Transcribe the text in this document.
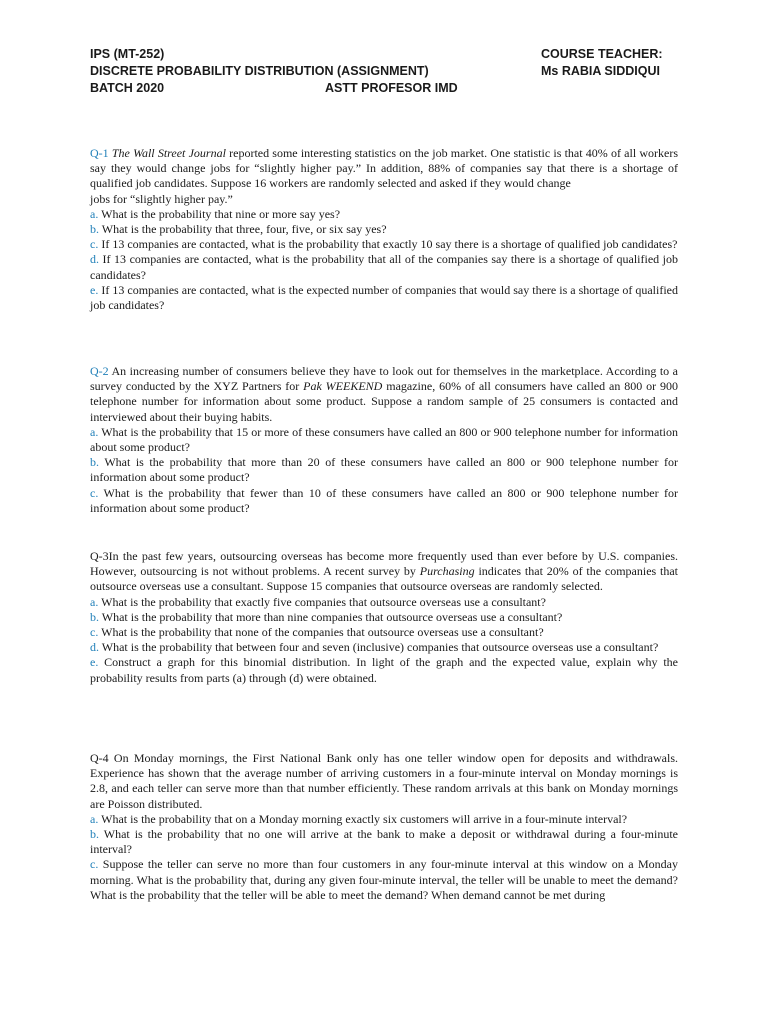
IPS (MT-252)
DISCRETE PROBABILITY DISTRIBUTION (ASSIGNMENT)
BATCH 2020
COURSE TEACHER:
Ms RABIA SIDDIQUI
ASTT PROFESOR IMD

Q-1 The Wall Street Journal reported some interesting statistics on the job market. One statistic is that 40% of all workers say they would change jobs for “slightly higher pay.” In addition, 88% of companies say that there is a shortage of qualified job candidates. Suppose 16 workers are randomly selected and asked if they would change

jobs for “slightly higher pay.”

a. What is the probability that nine or more say yes?

b. What is the probability that three, four, five, or six say yes?

c. If 13 companies are contacted, what is the probability that exactly 10 say there is a shortage of qualified job candidates?

d. If 13 companies are contacted, what is the probability that all of the companies say there is a shortage of qualified job candidates?

e. If 13 companies are contacted, what is the expected number of companies that would say there is a shortage of qualified job candidates?

Q-2 An increasing number of consumers believe they have to look out for themselves in the marketplace. According to a survey conducted by the XYZ Partners for Pak WEEKEND magazine, 60% of all consumers have called an 800 or 900 telephone number for information about some product. Suppose a random sample of 25 consumers is contacted and interviewed about their buying habits.

a. What is the probability that 15 or more of these consumers have called an 800 or 900 telephone number for information about some product?

b. What is the probability that more than 20 of these consumers have called an 800 or 900 telephone number for information about some product?

c. What is the probability that fewer than 10 of these consumers have called an 800 or 900 telephone number for information about some product?

Q-3In the past few years, outsourcing overseas has become more frequently used than ever before by U.S. companies. However, outsourcing is not without problems. A recent survey by Purchasing indicates that 20% of the companies that outsource overseas use a consultant. Suppose 15 companies that outsource overseas are randomly selected.

a. What is the probability that exactly five companies that outsource overseas use a consultant?

b. What is the probability that more than nine companies that outsource overseas use a consultant?

c. What is the probability that none of the companies that outsource overseas use a consultant?

d. What is the probability that between four and seven (inclusive) companies that outsource overseas use a consultant?

e. Construct a graph for this binomial distribution. In light of the graph and the expected value, explain why the probability results from parts (a) through (d) were obtained.

Q-4 On Monday mornings, the First National Bank only has one teller window open for deposits and withdrawals. Experience has shown that the average number of arriving customers in a four-minute interval on Monday mornings is 2.8, and each teller can serve more than that number efficiently. These random arrivals at this bank on Monday mornings are Poisson distributed.

a. What is the probability that on a Monday morning exactly six customers will arrive in a four-minute interval?

b. What is the probability that no one will arrive at the bank to make a deposit or withdrawal during a four-minute interval?

c. Suppose the teller can serve no more than four customers in any four-minute interval at this window on a Monday morning. What is the probability that, during any given four-minute interval, the teller will be unable to meet the demand? What is the probability that the teller will be able to meet the demand? When demand cannot be met during
